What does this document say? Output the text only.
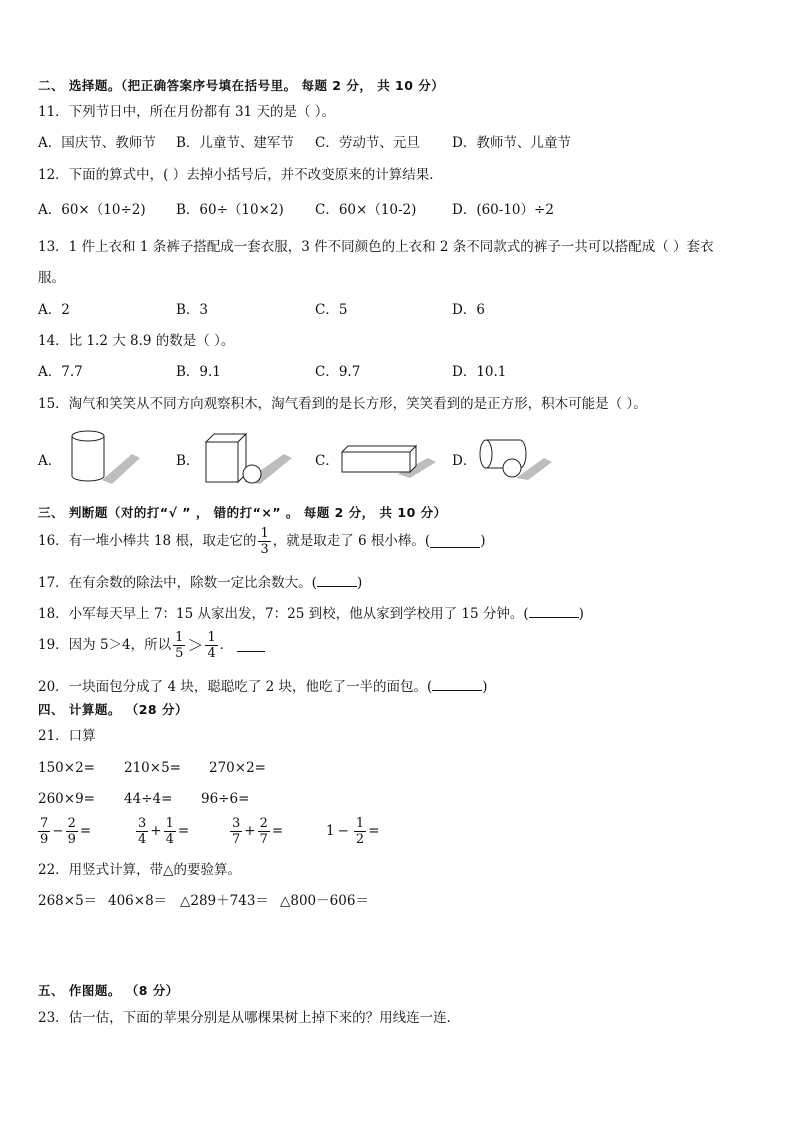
二、 选择题。（把正确答案序号填在括号里。 每题 2 分， 共 10 分）
11．下列节日中，所在月份都有 31 天的是（ ）。
A．国庆节、教师节 B．儿童节、建军节 C．劳动节、元旦 D．教师节、儿童节
12．下面的算式中，( ）去掉小括号后，并不改变原来的计算结果．
A．60×（10÷2) B．60÷（10×2) C．60×（10-2)	D．(60-10）÷2
13．1 件上衣和 1 条裤子搭配成一套衣服，3 件不同颜色的上衣和 2 条不同款式的裤子一共可以搭配成（ ）套衣
服。
A．2	B．3	C．5	D．6
14．比 1.2 大 8.9 的数是（ ）。
A．7.7	B．9.1	C．9.7	D．10.1
15．淘气和笑笑从不同方向观察积木，淘气看到的是长方形，笑笑看到的是正方形，积木可能是（ ）。
A．	B．	C．	D．
三、 判断题（对的打“√ ” ， 错的打“×” 。 每题 2 分， 共 10 分）
16．有一堆小棒共 18 根，取走它的 $\frac{1}{3}$ ，就是取走了 6 根小棒。(	)
17．在有余数的除法中，除数一定比余数大。(	)
18．小军每天早上 7：15 从家出发，7：25 到校，他从家到学校用了 15 分钟。(	)
19．因为 5＞4，所以 $\frac{1}{5} > \frac{1}{4}$ ．
20．一块面包分成了 4 块，聪聪吃了 2 块，他吃了一半的面包。(	)
四、 计算题。 （28 分）
21．口算
150×2= 210×5= 270×2=
260×9= 44÷4= 96÷6=
$\frac{7}{9} - \frac{2}{9}$ =	$\frac{3}{4} + \frac{1}{4}$ =	$\frac{3}{7} + \frac{2}{7}$ =	$1 - \frac{1}{2}$ =
22．用竖式计算，带△的要验算。
268×5＝ 406×8＝ △289＋743＝ △800－606＝
五、 作图题。 （8 分）
23．估一估，下面的苹果分别是从哪棵果树上掉下来的？用线连一连．
